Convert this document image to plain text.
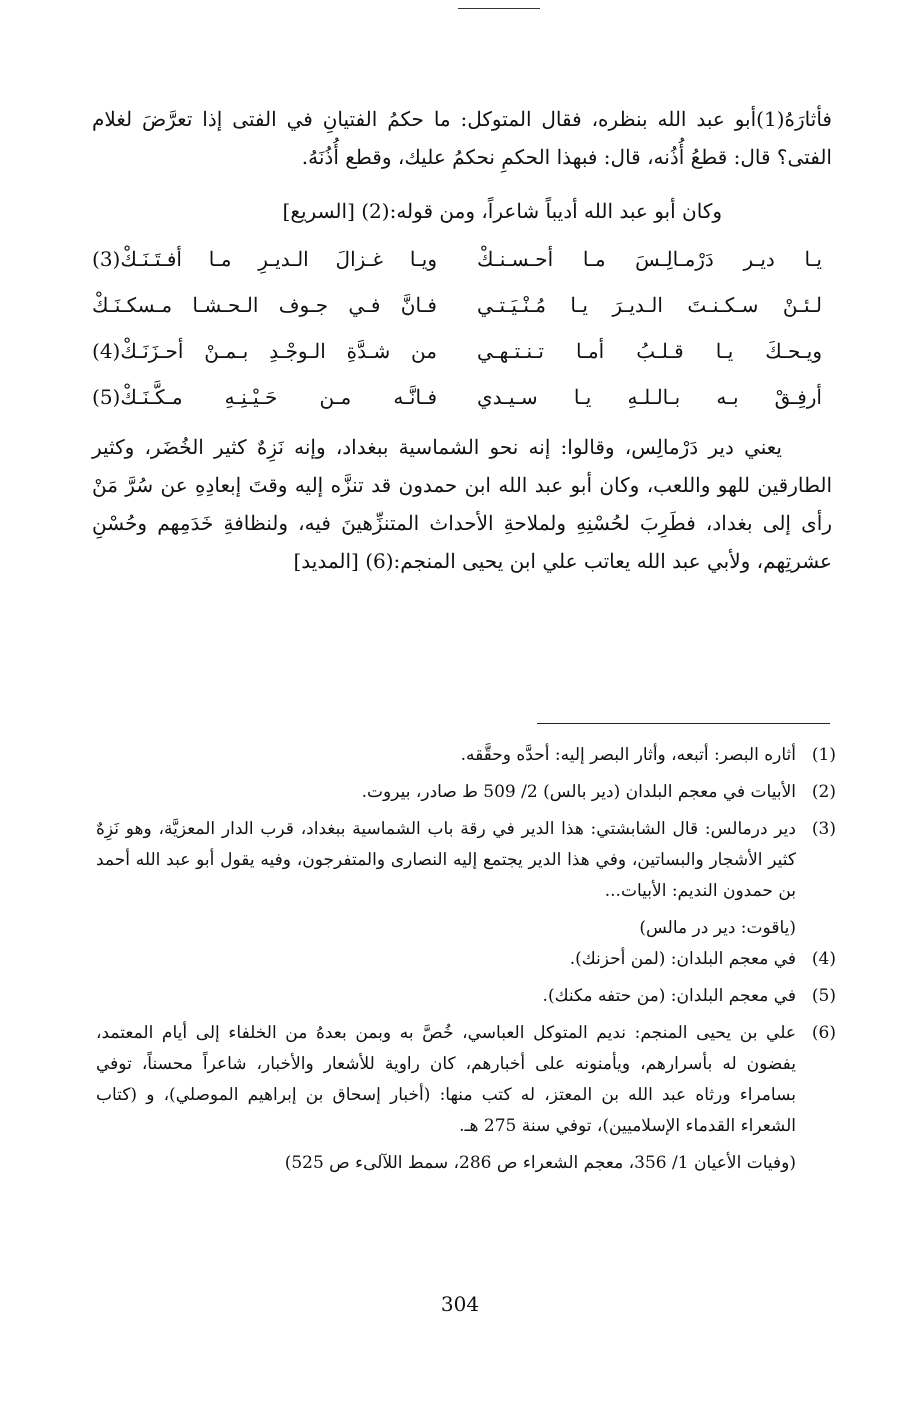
فأثارَهُ(1)أبو عبد الله بنظره، فقال المتوكل: ما حكمُ الفتيانِ في الفتى إذا تعرَّضَ لغلام الفتى؟ قال: قطعُ أُذُنه، قال: فبهذا الحكمِ نحكمُ عليك، وقطع أُذُنَهُ.

وكان أبو عبد الله أديباً شاعراً، ومن قوله:(2) [السريع]

يـا ديـر دَرْمـالِـسَ مـا أحـسـنـكْ
ويـا غـزالَ الـديـرِ مـا أفـتَـنَـكْ(3)
لـئـنْ سـكـنـتَ الـديـرَ يـا مُـنْـيَـتـي
فـانَّ فـي جـوف الـحـشـا مـسكـنَـكْ
ويـحـكَ يـا قـلـبُ أمـا تـنـتـهـي
من شـدَّةِ الـوجْـدِ بـمـنْ أحـزَنَـكْ(4)
أرفِـقْ بـه بـالـلـهِ يـا سـيـدي
فـانَّـه مـن حَـيْـنِـهِ مـكَّـنَـكْ(5)

يعني دير دَرْمالِس، وقالوا: إنه نحو الشماسية ببغداد، وإنه نَزِهٌ كثير الخُضَر، وكثير الطارقين للهو واللعب، وكان أبو عبد الله ابن حمدون قد تنزَّه إليه وقتَ إبعادِهِ عن سُرَّ مَنْ رأى إلى بغداد، فطَرِبَ لحُسْنِهِ ولملاحةِ الأحداث المتنزِّهينَ فيه، ولنظافةِ خَدَمِهم وحُسْنِ عشرتِهم، ولأبي عبد الله يعاتب علي ابن يحيى المنجم:(6) [المديد]

(1)
أثاره البصر: أتبعه، وأثار البصر إليه: أحدَّه وحقَّقه.
(2)
الأبيات في معجم البلدان (دير بالس) 2/ 509 ط صادر، بيروت.
(3)
دير درمالس: قال الشابشتي: هذا الدير في رقة باب الشماسية ببغداد، قرب الدار المعزيَّة، وهو نَزِهٌ كثير الأشجار والبساتين، وفي هذا الدير يجتمع إليه النصارى والمتفرجون، وفيه يقول أبو عبد الله أحمد بن حمدون النديم: الأبيات...
(ياقوت: دير در مالس)
(4)
في معجم البلدان: (لمن أحزنك).
(5)
في معجم البلدان: (من حتفه مكنك).
(6)
علي بن يحيى المنجم: نديم المتوكل العباسي، خُصَّ به وبمن بعدهُ من الخلفاء إلى أيام المعتمد، يفضون له بأسرارهم، ويأمنونه على أخبارهم، كان راوية للأشعار والأخبار، شاعراً محسناً، توفي بسامراء ورثاه عبد الله بن المعتز، له كتب منها: (أخبار إسحاق بن إبراهيم الموصلي)، و (كتاب الشعراء القدماء الإسلاميين)، توفي سنة 275 هـ.
(وفيات الأعيان 1/ 356، معجم الشعراء ص 286، سمط اللآلىء ص 525)
304
